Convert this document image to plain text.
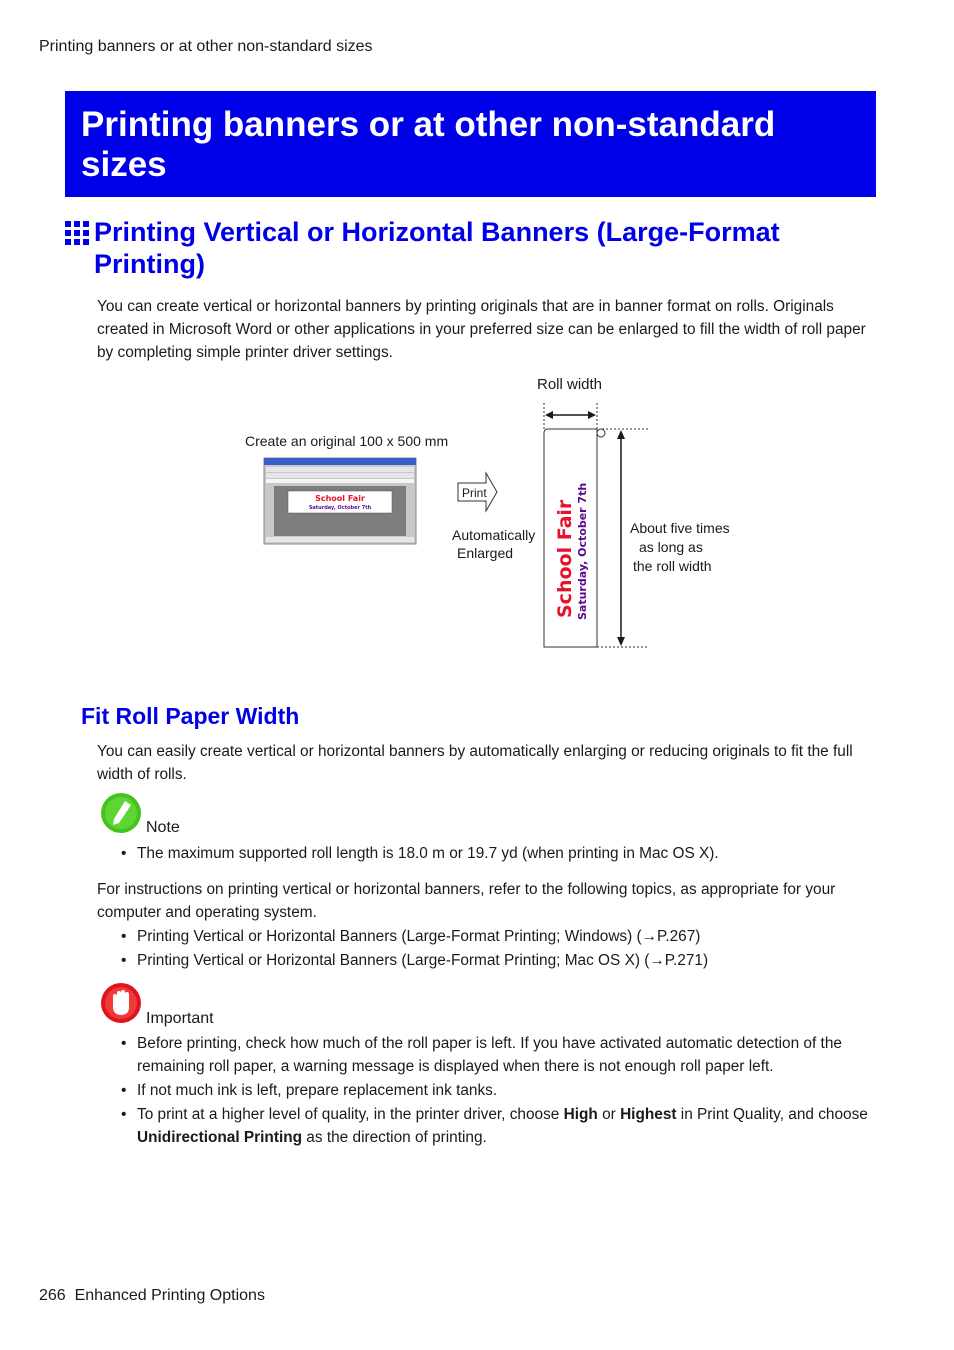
Printing banners or at other non-standard sizes
Printing banners or at other non-standard sizes
Printing Vertical or Horizontal Banners (Large-Format Printing)

You can create vertical or horizontal banners by printing originals that are in banner format on rolls. Originals created in Microsoft Word or other applications in your preferred size can be enlarged to fill the width of roll paper by completing simple printer driver settings.

Roll width
Create an original 100 x 500 mm
School Fair
Saturday, October 7th
Print
Automatically
Enlarged School Fair Saturday, October 7th	About five times
as long as
the roll width
Fit Roll Paper Width

You can easily create vertical or horizontal banners by automatically enlarging or reducing originals to fit the full width of rolls.

Note
• The maximum supported roll length is 18.0 m or 19.7 yd (when printing in Mac OS X).

For instructions on printing vertical or horizontal banners, refer to the following topics, as appropriate for your computer and operating system.

• Printing Vertical or Horizontal Banners (Large-Format Printing; Windows) (→P.267)
• Printing Vertical or Horizontal Banners (Large-Format Printing; Mac OS X) (→P.271)
Important
• Before printing, check how much of the roll paper is left. If you have activated automatic detection of the remaining roll paper, a warning message is displayed when there is not enough roll paper left.
• If not much ink is left, prepare replacement ink tanks.
• To print at a higher level of quality, in the printer driver, choose High or Highest in Print Quality, and choose Unidirectional Printing as the direction of printing.
266 Enhanced Printing Options
